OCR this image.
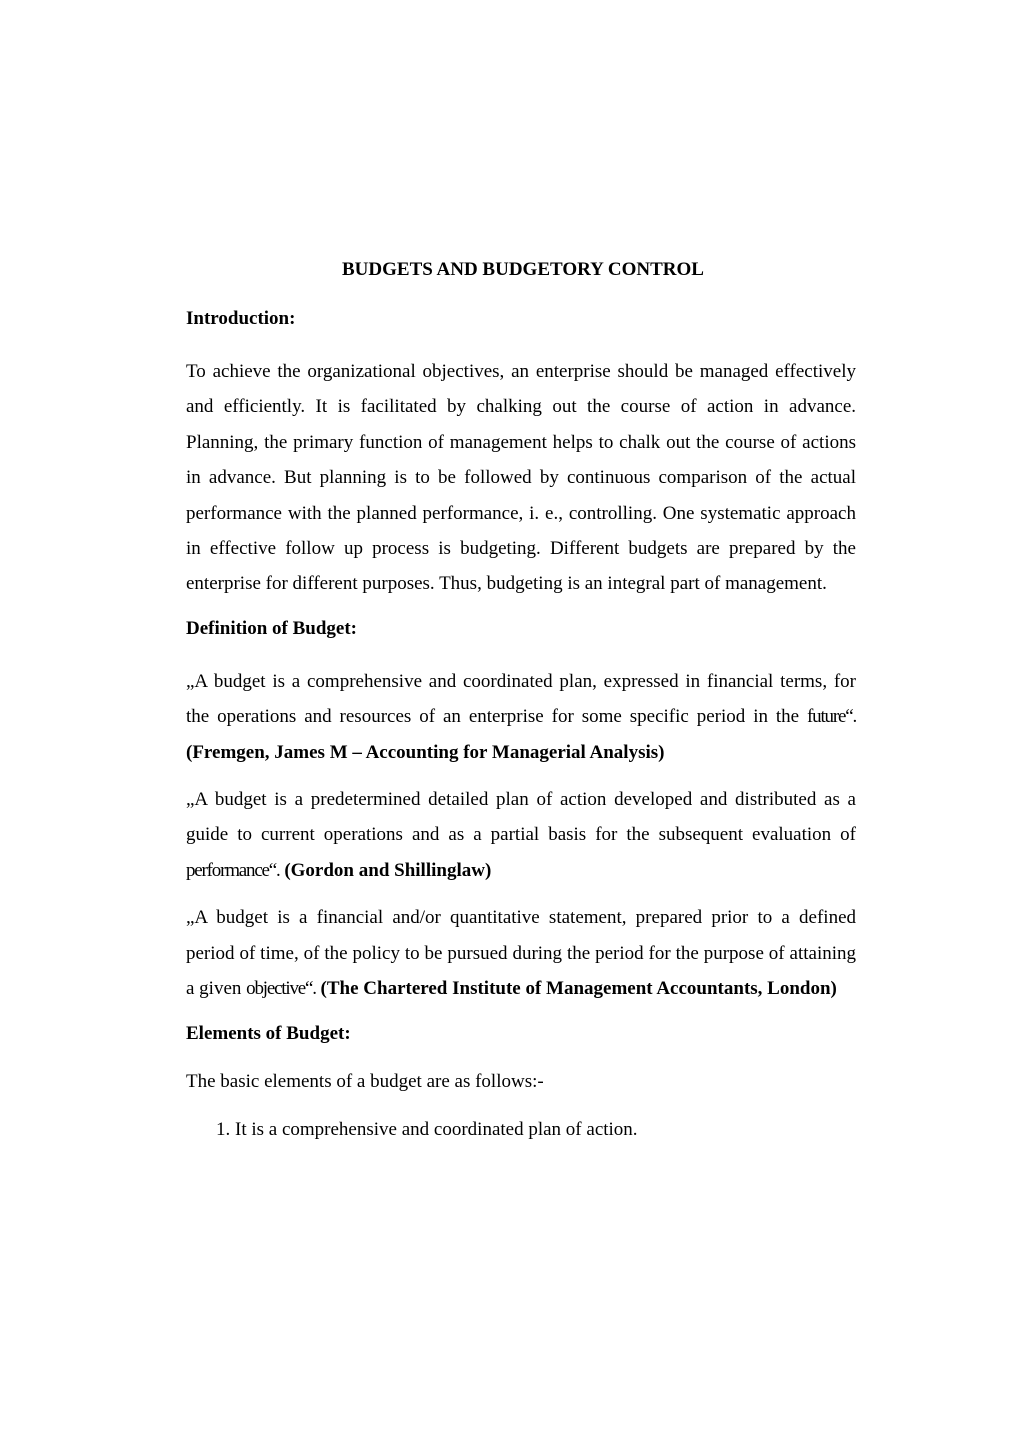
BUDGETS AND BUDGETORY CONTROL
Introduction:

To achieve the organizational objectives, an enterprise should be managed effectively and efficiently. It is facilitated by chalking out the course of action in advance. Planning, the primary function of management helps to chalk out the course of actions in advance. But planning is to be followed by continuous comparison of the actual performance with the planned performance, i. e., controlling. One systematic approach in effective follow up process is budgeting. Different budgets are prepared by the enterprise for different purposes. Thus, budgeting is an integral part of management.

Definition of Budget:

„A budget is a comprehensive and coordinated plan, expressed in financial terms, for the operations and resources of an enterprise for some specific period in the future“. (Fremgen, James M – Accounting for Managerial Analysis)

„A budget is a predetermined detailed plan of action developed and distributed as a guide to current operations and as a partial basis for the subsequent evaluation of performance“. (Gordon and Shillinglaw)

„A budget is a financial and/or quantitative statement, prepared prior to a defined period of time, of the policy to be pursued during the period for the purpose of attaining a given objective“. (The Chartered Institute of Management Accountants, London)

Elements of Budget:
The basic elements of a budget are as follows:-
1. It is a comprehensive and coordinated plan of action.
